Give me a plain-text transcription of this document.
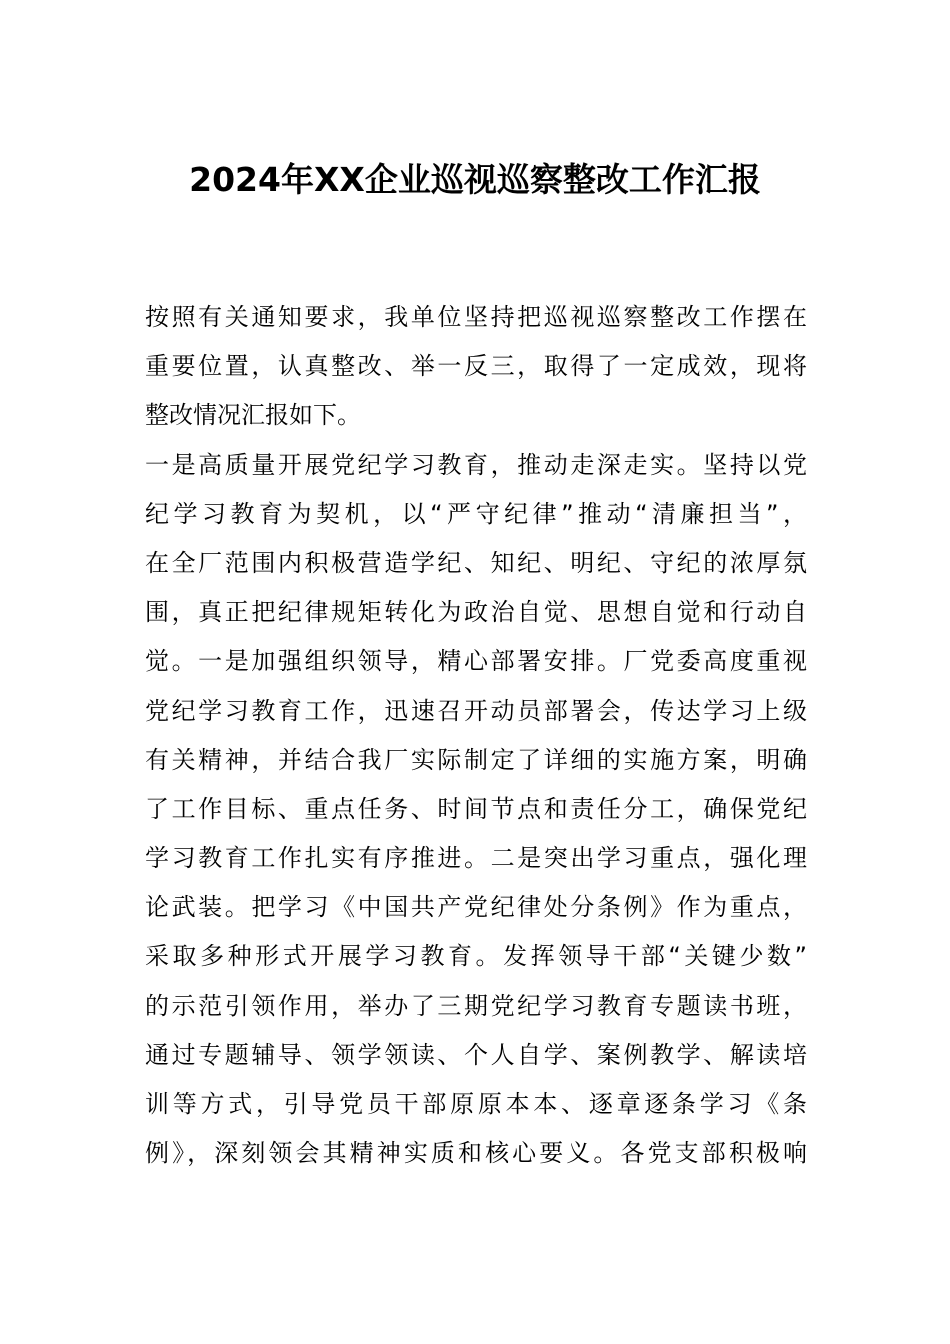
2024年XX企业巡视巡察整改工作汇报
按照有关通知要求，我单位坚持把巡视巡察整改工作摆在
重要位置，认真整改、举一反三，取得了一定成效，现将
整改情况汇报如下。
一是高质量开展党纪学习教育，推动走深走实。坚持以党
纪学习教育为契机，以“严守纪律”推动“清廉担当”，
在全厂范围内积极营造学纪、知纪、明纪、守纪的浓厚氛
围，真正把纪律规矩转化为政治自觉、思想自觉和行动自
觉。一是加强组织领导，精心部署安排。厂党委高度重视
党纪学习教育工作，迅速召开动员部署会，传达学习上级
有关精神，并结合我厂实际制定了详细的实施方案，明确
了工作目标、重点任务、时间节点和责任分工，确保党纪
学习教育工作扎实有序推进。二是突出学习重点，强化理
论武装。把学习《中国共产党纪律处分条例》作为重点，
采取多种形式开展学习教育。发挥领导干部“关键少数”
的示范引领作用，举办了三期党纪学习教育专题读书班，
通过专题辅导、领学领读、个人自学、案例教学、解读培
训等方式，引导党员干部原原本本、逐章逐条学习《条
例》，深刻领会其精神实质和核心要义。各党支部积极响
